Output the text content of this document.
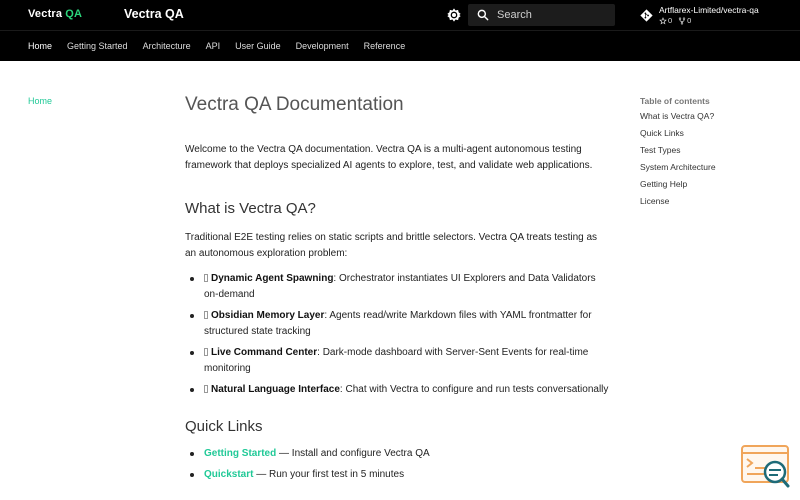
Vectra QA	Vectra QA	Search	Artflarex-Limited/vectra-qa
0 0
Home Getting Started Architecture API User Guide Development Reference
Home	Vectra QA Documentation

Welcome to the Vectra QA documentation. Vectra QA is a multi-agent autonomous testing framework that deploys specialized AI agents to explore, test, and validate web applications.

What is Vectra QA?

Traditional E2E testing relies on static scripts and brittle selectors. Vectra QA treats testing as an autonomous exploration problem:

Dynamic Agent Spawning: Orchestrator instantiates UI Explorers and Data Validators on-demand
Obsidian Memory Layer: Agents read/write Markdown files with YAML frontmatter for structured state tracking
Live Command Center: Dark-mode dashboard with Server-Sent Events for real-time monitoring
Natural Language Interface: Chat with Vectra to configure and run tests conversationally
Quick Links
Getting Started — Install and configure Vectra QA
Quickstart — Run your first test in 5 minutes
Table of contents
What is Vectra QA?
Quick Links
Test Types
System Architecture
Getting Help
License
